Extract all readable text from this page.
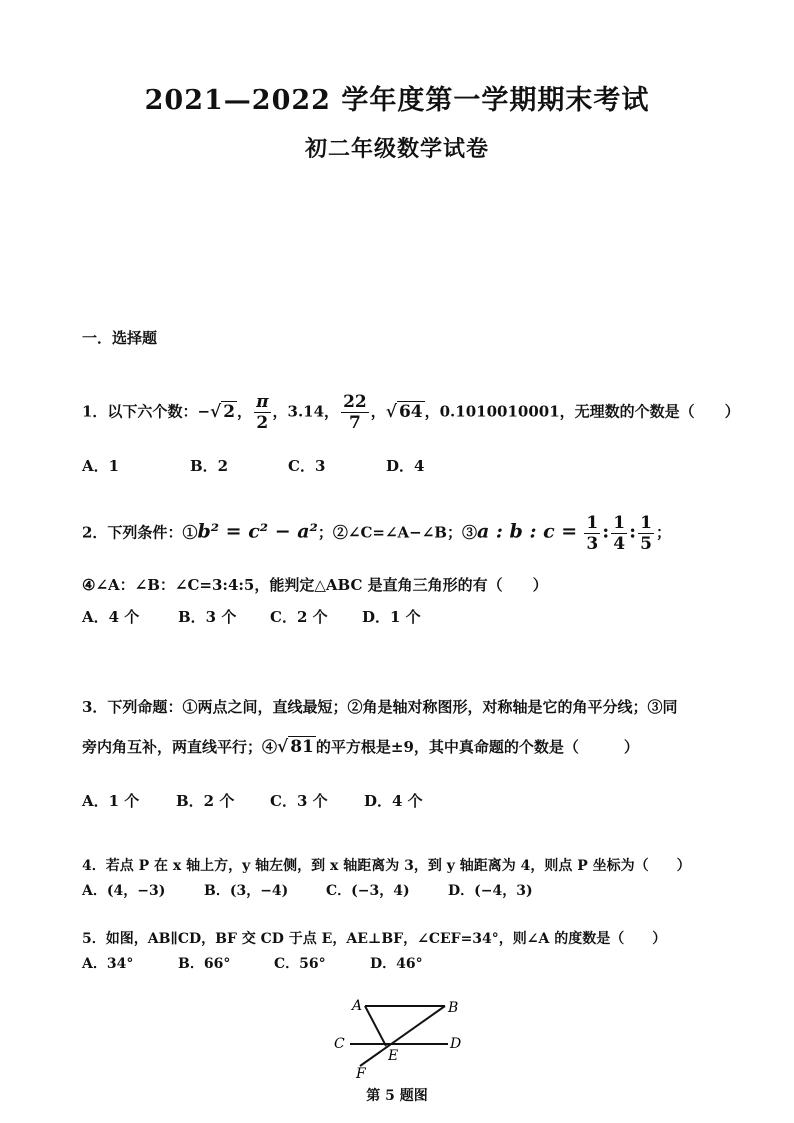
2021—2022 学年度第一学期期末考试
初二年级数学试卷
一．选择题
1．以下六个数：−√ 2 ， $\frac{\pi}{2}$ ，3.14， $\frac{22}{7}$ ，√ 64 ，0.1010010001，无理数的个数是（　　）
A．1	B．2	C．3	D．4
2．下列条件：①b² = c² − a²；②∠C=∠A−∠B；③a : b : $c = \frac{1}{3}$ : $\frac{1}{4}$ : $\frac{1}{5}$ ；
④∠A：∠B：∠C=3:4:5，能判定△ABC 是直角三角形的有（　　）
A．4 个	B．3 个 C．2 个 D．1 个
3．下列命题：①两点之间，直线最短；②角是轴对称图形，对称轴是它的角平分线；③同
旁内角互补，两直线平行；④√ 81 的平方根是±9，其中真命题的个数是（　　　）
A．1 个 B．2 个 C．3 个 D．4 个
4．若点 P 在 x 轴上方，y 轴左侧，到 x 轴距离为 3，到 y 轴距离为 4，则点 P 坐标为（　　）
A．(4，−3)	B．(3，−4)	C．(−3，4)	D．(−4，3)
5．如图，AB∥CD，BF 交 CD 于点 E，AE⊥BF，∠CEF=34°，则∠A 的度数是（　　）
A．34°	B．66°	C．56°	D．46°
A	B
C	D
E
F
第 5 题图
